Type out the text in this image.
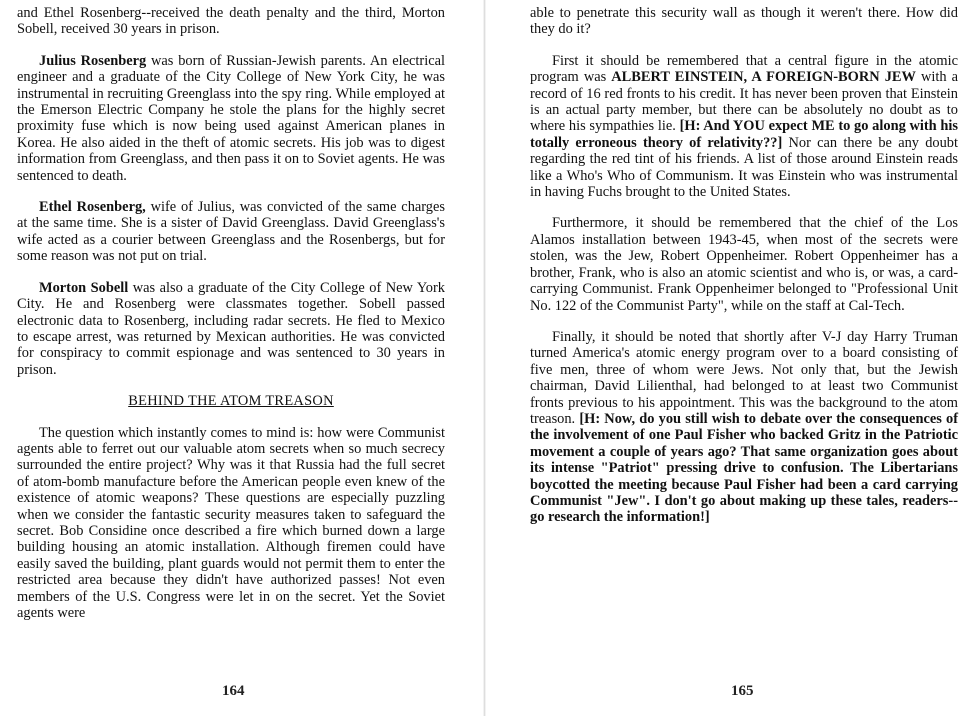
and Ethel Rosenberg--received the death penalty and the third, Morton Sobell, received 30 years in prison.

Julius Rosenberg was born of Russian-Jewish parents. An electrical engineer and a graduate of the City College of New York City, he was instrumental in recruiting Greenglass into the spy ring. While employed at the Emerson Electric Company he stole the plans for the highly secret proximity fuse which is now being used against American planes in Korea. He also aided in the theft of atomic secrets. His job was to digest information from Greenglass, and then pass it on to Soviet agents. He was sentenced to death.

Ethel Rosenberg, wife of Julius, was convicted of the same charges at the same time. She is a sister of David Greenglass. David Greenglass's wife acted as a courier between Greenglass and the Rosenbergs, but for some reason was not put on trial.

Morton Sobell was also a graduate of the City College of New York City. He and Rosenberg were classmates together. Sobell passed electronic data to Rosenberg, including radar secrets. He fled to Mexico to escape arrest, was returned by Mexican authorities. He was convicted for conspiracy to commit espionage and was sentenced to 30 years in prison.

BEHIND THE ATOM TREASON

The question which instantly comes to mind is: how were Communist agents able to ferret out our valuable atom secrets when so much secrecy surrounded the entire project? Why was it that Russia had the full secret of atom-bomb manufacture before the American people even knew of the existence of atomic weapons? These questions are especially puzzling when we consider the fantastic security measures taken to safeguard the secret. Bob Considine once described a fire which burned down a large building housing an atomic installation. Although firemen could have easily saved the building, plant guards would not permit them to enter the restricted area because they didn't have authorized passes! Not even members of the U.S. Congress were let in on the secret. Yet the Soviet agents were

164

able to penetrate this security wall as though it weren't there. How did they do it?

First it should be remembered that a central figure in the atomic program was ALBERT EINSTEIN, A FOREIGN-BORN JEW with a record of 16 red fronts to his credit. It has never been proven that Einstein is an actual party member, but there can be absolutely no doubt as to where his sympathies lie. [H: And YOU expect ME to go along with his totally erroneous theory of relativity??] Nor can there be any doubt regarding the red tint of his friends. A list of those around Einstein reads like a Who's Who of Communism. It was Einstein who was instrumental in having Fuchs brought to the United States.

Furthermore, it should be remembered that the chief of the Los Alamos installation between 1943-45, when most of the secrets were stolen, was the Jew, Robert Oppenheimer. Robert Oppenheimer has a brother, Frank, who is also an atomic scientist and who is, or was, a card-carrying Communist. Frank Oppenheimer belonged to "Professional Unit No. 122 of the Communist Party", while on the staff at Cal-Tech.

Finally, it should be noted that shortly after V-J day Harry Truman turned America's atomic energy program over to a board consisting of five men, three of whom were Jews. Not only that, but the Jewish chairman, David Lilienthal, had belonged to at least two Communist fronts previous to his appointment. This was the background to the atom treason. [H: Now, do you still wish to debate over the consequences of the involvement of one Paul Fisher who backed Gritz in the Patriotic movement a couple of years ago? That same organization goes about its intense "Patriot" pressing drive to confusion. The Libertarians boycotted the meeting because Paul Fisher had been a card carrying Communist "Jew". I don't go about making up these tales, readers--go research the information!]

165
